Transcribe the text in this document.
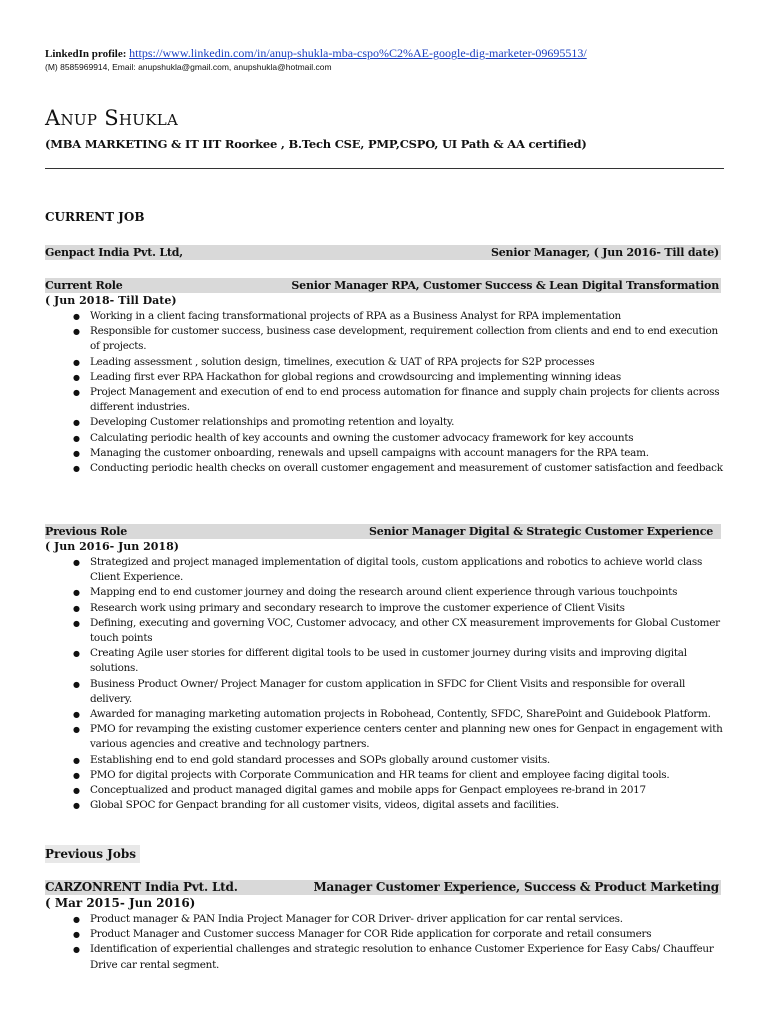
LinkedIn profile: https://www.linkedin.com/in/anup-shukla-mba-cspo%C2%AE-google-dig-marketer-09695513/
(M) 8585969914, Email: anupshukla@gmail.com, anupshukla@hotmail.com
Anup Shukla
(MBA MARKETING & IT IIT Roorkee , B.Tech CSE, PMP,CSPO, UI Path & AA certified)
CURRENT JOB
Genpact India Pvt. Ltd,	Senior Manager, ( Jun 2016- Till date)
Current Role	Senior Manager RPA, Customer Success & Lean Digital Transformation
( Jun 2018- Till Date)
● Working in a client facing transformational projects of RPA as a Business Analyst for RPA implementation
● Responsible for customer success, business case development, requirement collection from clients and end to end execution of projects.
● Leading assessment , solution design, timelines, execution & UAT of RPA projects for S2P processes
● Leading first ever RPA Hackathon for global regions and crowdsourcing and implementing winning ideas
● Project Management and execution of end to end process automation for finance and supply chain projects for clients across different industries.
● Developing Customer relationships and promoting retention and loyalty.
● Calculating periodic health of key accounts and owning the customer advocacy framework for key accounts
● Managing the customer onboarding, renewals and upsell campaigns with account managers for the RPA team.
● Conducting periodic health checks on overall customer engagement and measurement of customer satisfaction and feedback
Previous Role	Senior Manager Digital & Strategic Customer Experience
( Jun 2016- Jun 2018)
● Strategized and project managed implementation of digital tools, custom applications and robotics to achieve world class Client Experience.
● Mapping end to end customer journey and doing the research around client experience through various touchpoints
● Research work using primary and secondary research to improve the customer experience of Client Visits
● Defining, executing and governing VOC, Customer advocacy, and other CX measurement improvements for Global Customer touch points
● Creating Agile user stories for different digital tools to be used in customer journey during visits and improving digital solutions.
● Business Product Owner/ Project Manager for custom application in SFDC for Client Visits and responsible for overall delivery.
● Awarded for managing marketing automation projects in Robohead, Contently, SFDC, SharePoint and Guidebook Platform.
● PMO for revamping the existing customer experience centers center and planning new ones for Genpact in engagement with various agencies and creative and technology partners.
● Establishing end to end gold standard processes and SOPs globally around customer visits.
● PMO for digital projects with Corporate Communication and HR teams for client and employee facing digital tools.
● Conceptualized and product managed digital games and mobile apps for Genpact employees re-brand in 2017
● Global SPOC for Genpact branding for all customer visits, videos, digital assets and facilities.
Previous Jobs
CARZONRENT India Pvt. Ltd.	Manager Customer Experience, Success & Product Marketing
( Mar 2015- Jun 2016)
● Product manager & PAN India Project Manager for COR Driver- driver application for car rental services.
● Product Manager and Customer success Manager for COR Ride application for corporate and retail consumers
● Identification of experiential challenges and strategic resolution to enhance Customer Experience for Easy Cabs/ Chauffeur Drive car rental segment.
